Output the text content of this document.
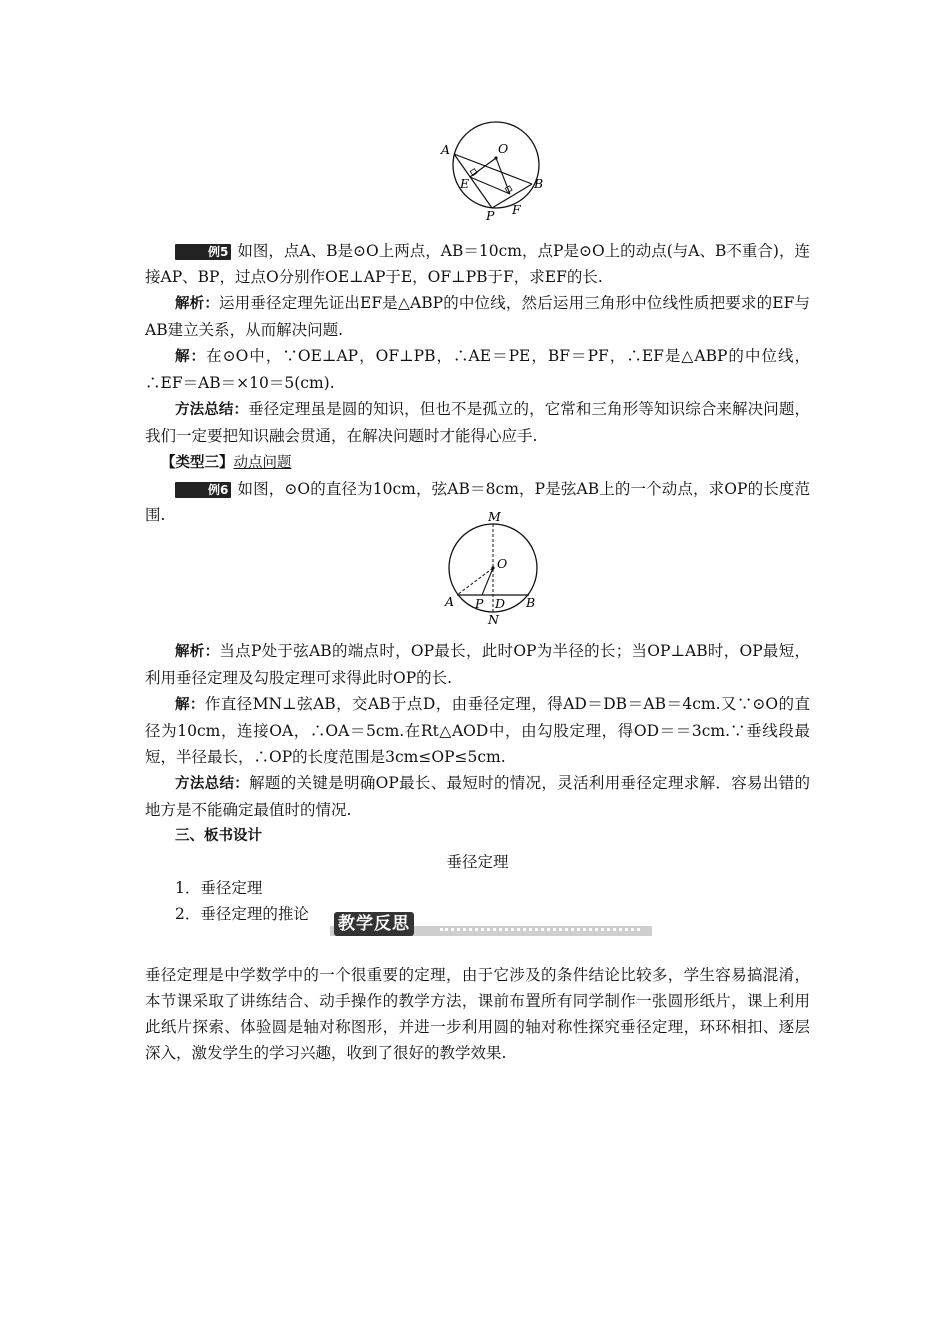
A	O
E	B
P F

例5 如图，点A、B是⊙O上两点，AB＝10cm，点P是⊙O上的动点(与A、B不重合)，连接AP、BP，过点O分别作OE⊥AP于E，OF⊥PB于F，求EF的长.

解析：运用垂径定理先证出EF是△ABP的中位线，然后运用三角形中位线性质把要求的EF与AB建立关系，从而解决问题.

解：在⊙O中，∵OE⊥AP，OF⊥PB，∴AE＝PE，BF＝PF，∴EF是△ABP的中位线，∴EF＝AB＝×10＝5(cm).

方法总结：垂径定理虽是圆的知识，但也不是孤立的，它常和三角形等知识综合来解决问题，我们一定要把知识融会贯通，在解决问题时才能得心应手.

【类型三】动点问题

例6 如图，⊙O的直径为10cm，弦AB＝8cm，P是弦AB上的一个动点，求OP的长度范围.	M
O
A P D B
N

解析：当点P处于弦AB的端点时，OP最长，此时OP为半径的长；当OP⊥AB时，OP最短，利用垂径定理及勾股定理可求得此时OP的长.

解：作直径MN⊥弦AB，交AB于点D，由垂径定理，得AD＝DB＝AB＝4cm.又∵⊙O的直径为10cm，连接OA，∴OA＝5cm.在Rt△AOD中，由勾股定理，得OD＝＝3cm.∵垂线段最短，半径最长，∴OP的长度范围是3cm≤OP≤5cm.

方法总结：解题的关键是明确OP最长、最短时的情况，灵活利用垂径定理求解．容易出错的地方是不能确定最值时的情况.

三、板书设计

垂径定理

1．垂径定理

2．垂径定理的推论	教学反思

垂径定理是中学数学中的一个很重要的定理，由于它涉及的条件结论比较多，学生容易搞混淆，本节课采取了讲练结合、动手操作的教学方法，课前布置所有同学制作一张圆形纸片，课上利用此纸片探索、体验圆是轴对称图形，并进一步利用圆的轴对称性探究垂径定理，环环相扣、逐层深入，激发学生的学习兴趣，收到了很好的教学效果.
